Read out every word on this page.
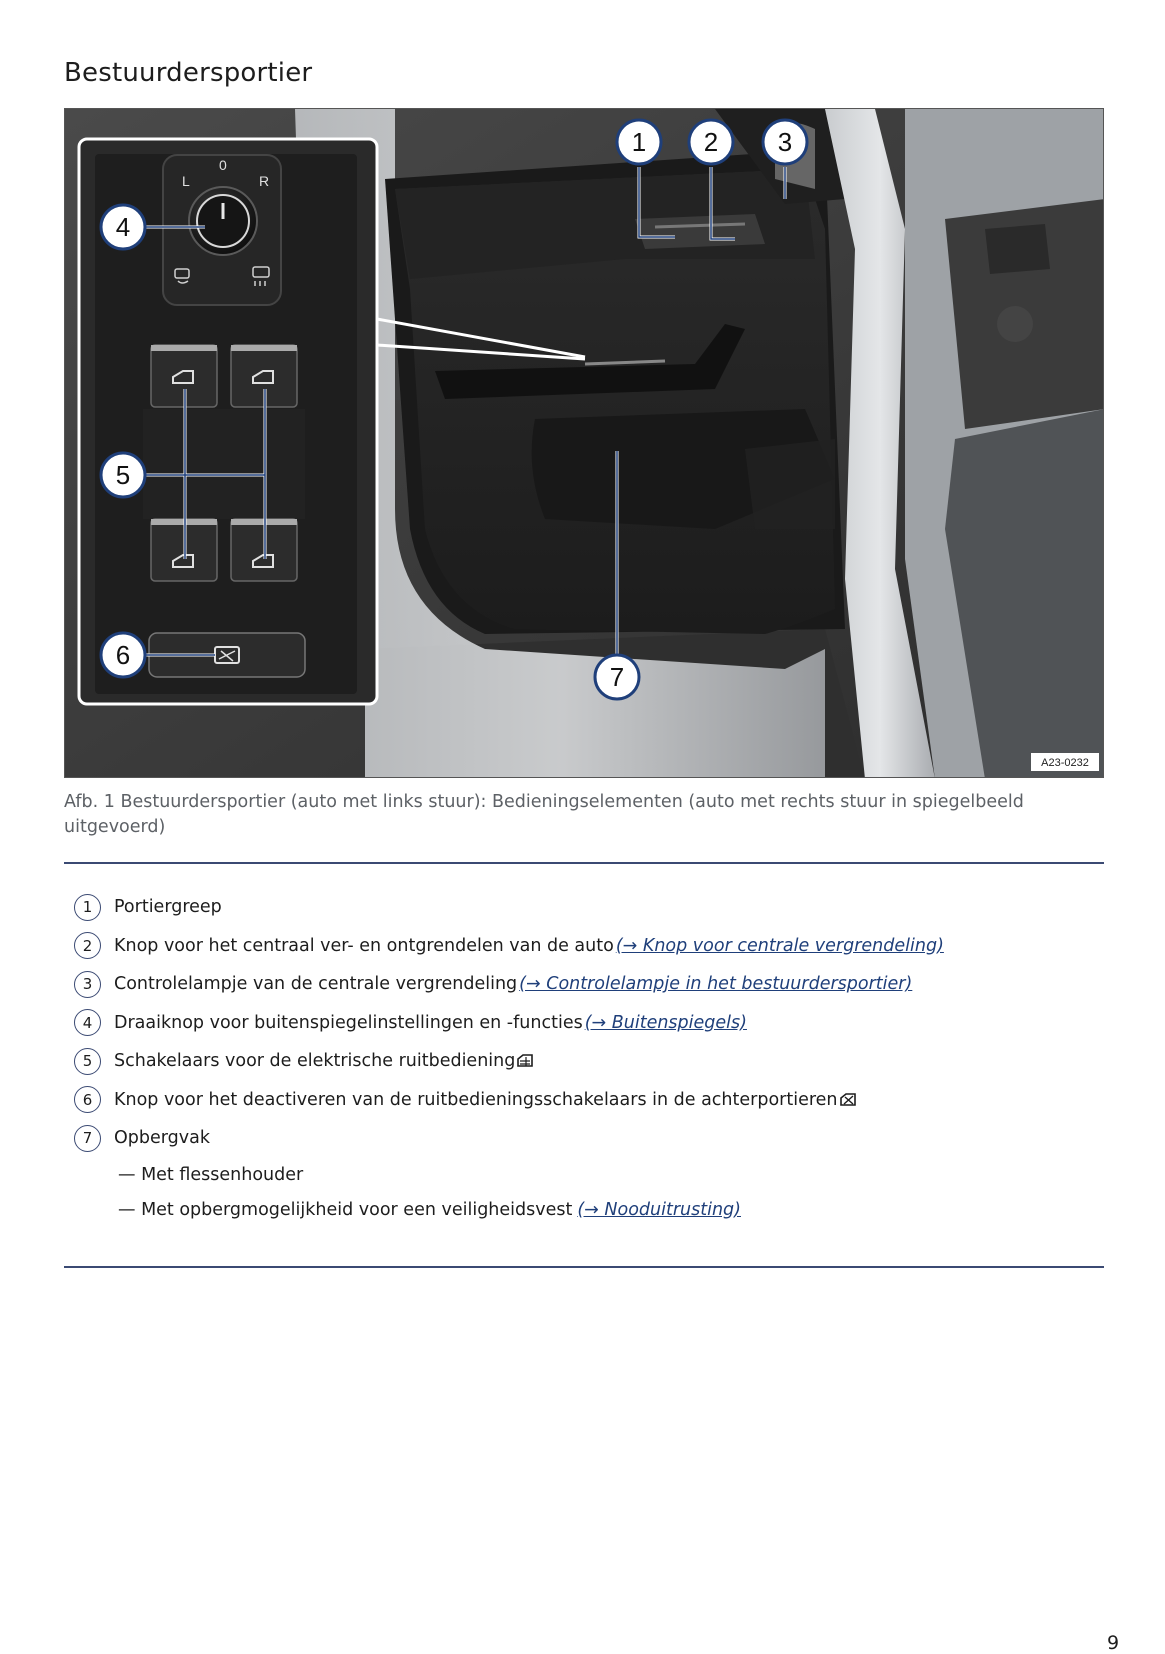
Bestuurdersportier
L
0
R
1 2 3
4
5
6
7
A23-0232
Afb. 1 Bestuurdersportier (auto met links stuur): Bedieningselementen (auto met rechts stuur in spiegelbeeld uitgevoerd)
1	Portiergreep
2	Knop voor het centraal ver- en ontgrendelen van de auto (→ Knop voor centrale vergrendeling)
3	Controlelampje van de centrale vergrendeling (→ Controlelampje in het bestuurdersportier)
4	Draaiknop voor buitenspiegelinstellingen en -functies (→ Buitenspiegels)
5	Schakelaars voor de elektrische ruitbediening
6	Knop voor het deactiveren van de ruitbedieningsschakelaars in de achterportieren
7	Opbergvak
— Met flessenhouder
— Met opbergmogelijkheid voor een veiligheidsvest (→ Nooduitrusting)
9
